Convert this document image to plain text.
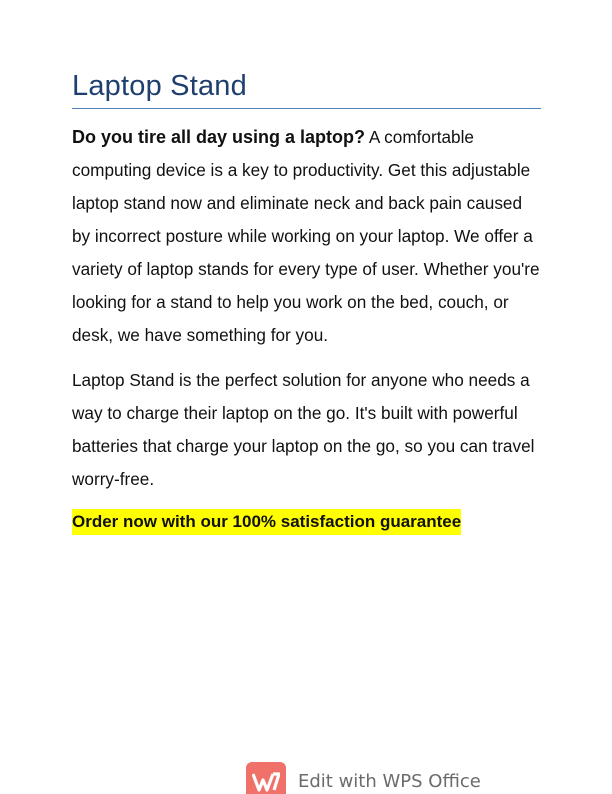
Laptop Stand

Do you tire all day using a laptop? A comfortable computing device is a key to productivity. Get this adjustable laptop stand now and eliminate neck and back pain caused by incorrect posture while working on your laptop. We offer a variety of laptop stands for every type of user. Whether you're looking for a stand to help you work on the bed, couch, or desk, we have something for you.

Laptop Stand is the perfect solution for anyone who needs a way to charge their laptop on the go. It's built with powerful batteries that charge your laptop on the go, so you can travel worry-free.

Order now with our 100% satisfaction guarantee
Edit with WPS Office
